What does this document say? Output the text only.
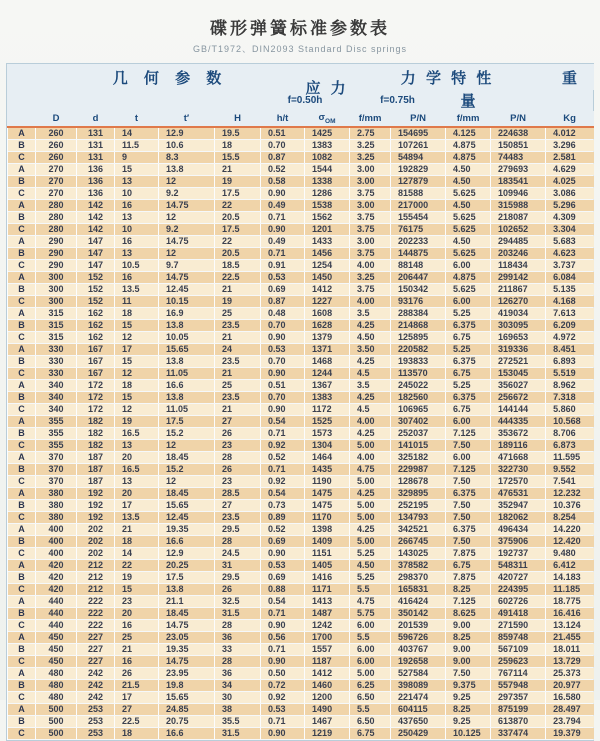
碟形弹簧标准参数表
GB/T1972、DIN2093 Standard Disc springs
	几 何 参 数						应 力	力 学 特 性				重
						f=0.50h		f=0.75h		量		
	D	d	t	t′	H	h/t	$\sigma_{OM}$	f/mm	P/N	f/mm	P/N	Kg
A	260	131	14	12.9	19.5	0.51	1425	2.75	154695	4.125	224638	4.012
B	260	131	11.5	10.6	18	0.70	1383	3.25	107261	4.875	150851	3.296
C	260	131	9	8.3	15.5	0.87	1082	3.25	54894	4.875	74483	2.581
A	270	136	15	13.8	21	0.52	1544	3.00	192829	4.50	279693	4.629
B	270	136	13	12	19	0.58	1338	3.00	127879	4.50	183541	4.025
C	270	136	10	9.2	17.5	0.90	1286	3.75	81588	5.625	109946	3.086
A	280	142	16	14.75	22	0.49	1538	3.00	217000	4.50	315988	5.296
B	280	142	13	12	20.5	0.71	1562	3.75	155454	5.625	218087	4.309
C	280	142	10	9.2	17.5	0.90	1201	3.75	76175	5.625	102652	3.304
A	290	147	16	14.75	22	0.49	1433	3.00	202233	4.50	294485	5.683
B	290	147	13	12	20.5	0.71	1456	3.75	144875	5.625	203246	4.623
C	290	147	10.5	9.7	18.5	0.91	1254	4.00	88148	6.00	118434	3.737
A	300	152	16	14.75	22.5	0.53	1450	3.25	206447	4.875	299142	6.084
B	300	152	13.5	12.45	21	0.69	1412	3.75	150342	5.625	211867	5.135
C	300	152	11	10.15	19	0.87	1227	4.00	93176	6.00	126270	4.168
A	315	162	18	16.9	25	0.48	1608	3.5	288384	5.25	419034	7.613
B	315	162	15	13.8	23.5	0.70	1628	4.25	214868	6.375	303095	6.209
C	315	162	12	10.05	21	0.90	1379	4.50	125895	6.75	169653	4.972
A	330	167	17	15.65	24	0.53	1371	3.50	220582	5.25	319336	8.451
B	330	167	15	13.8	23.5	0.70	1468	4.25	193833	6.375	272521	6.893
C	330	167	12	11.05	21	0.90	1244	4.5	113570	6.75	153045	5.519
A	340	172	18	16.6	25	0.51	1367	3.5	245022	5.25	356027	8.962
B	340	172	15	13.8	23.5	0.70	1383	4.25	182560	6.375	256672	7.318
C	340	172	12	11.05	21	0.90	1172	4.5	106965	6.75	144144	5.860
A	355	182	19	17.5	27	0.54	1525	4.00	307402	6.00	444335	10.568
B	355	182	16.5	15.2	26	0.71	1573	4.25	252037	7.125	353672	8.706
C	355	182	13	12	23	0.92	1304	5.00	141015	7.50	189116	6.873
A	370	187	20	18.45	28	0.52	1464	4.00	325182	6.00	471668	11.595
B	370	187	16.5	15.2	26	0.71	1435	4.75	229987	7.125	322730	9.552
C	370	187	13	12	23	0.92	1190	5.00	128678	7.50	172570	7.541
A	380	192	20	18.45	28.5	0.54	1475	4.25	329895	6.375	476531	12.232
B	380	192	17	15.65	27	0.73	1475	5.00	252195	7.50	352947	10.376
C	380	192	13.5	12.45	23.5	0.89	1170	5.00	134793	7.50	182062	8.254
A	400	202	21	19.35	29.5	0.52	1398	4.25	342521	6.375	496434	14.220
B	400	202	18	16.6	28	0.69	1409	5.00	266745	7.50	375906	12.420
C	400	202	14	12.9	24.5	0.90	1151	5.25	143025	7.875	192737	9.480
A	420	212	22	20.25	31	0.53	1405	4.50	378582	6.75	548311	6.412
B	420	212	19	17.5	29.5	0.69	1416	5.25	298370	7.875	420727	14.183
C	420	212	15	13.8	26	0.88	1171	5.5	165831	8.25	224395	11.185
A	440	222	23	21.1	32.5	0.54	1413	4.75	416424	7.125	602726	18.775
B	440	222	20	18.45	31.5	0.71	1487	5.75	350142	8.625	491418	16.416
C	440	222	16	14.75	28	0.90	1242	6.00	201539	9.00	271590	13.124
A	450	227	25	23.05	36	0.56	1700	5.5	596726	8.25	859748	21.455
B	450	227	21	19.35	33	0.71	1557	6.00	403767	9.00	567109	18.011
C	450	227	16	14.75	28	0.90	1187	6.00	192658	9.00	259623	13.729
A	480	242	26	23.95	36	0.50	1412	5.00	527584	7.50	767114	25.373
B	480	242	21.5	19.8	34	0.72	1460	6.25	398089	9.375	557948	20.977
C	480	242	17	15.65	30	0.92	1200	6.50	221474	9.25	297357	16.580
A	500	253	27	24.85	38	0.53	1490	5.5	604115	8.25	875199	28.497
B	500	253	22.5	20.75	35.5	0.71	1467	6.50	437650	9.25	613870	23.794
C	500	253	18	16.6	31.5	0.90	1219	6.75	250429	10.125	337474	19.379
